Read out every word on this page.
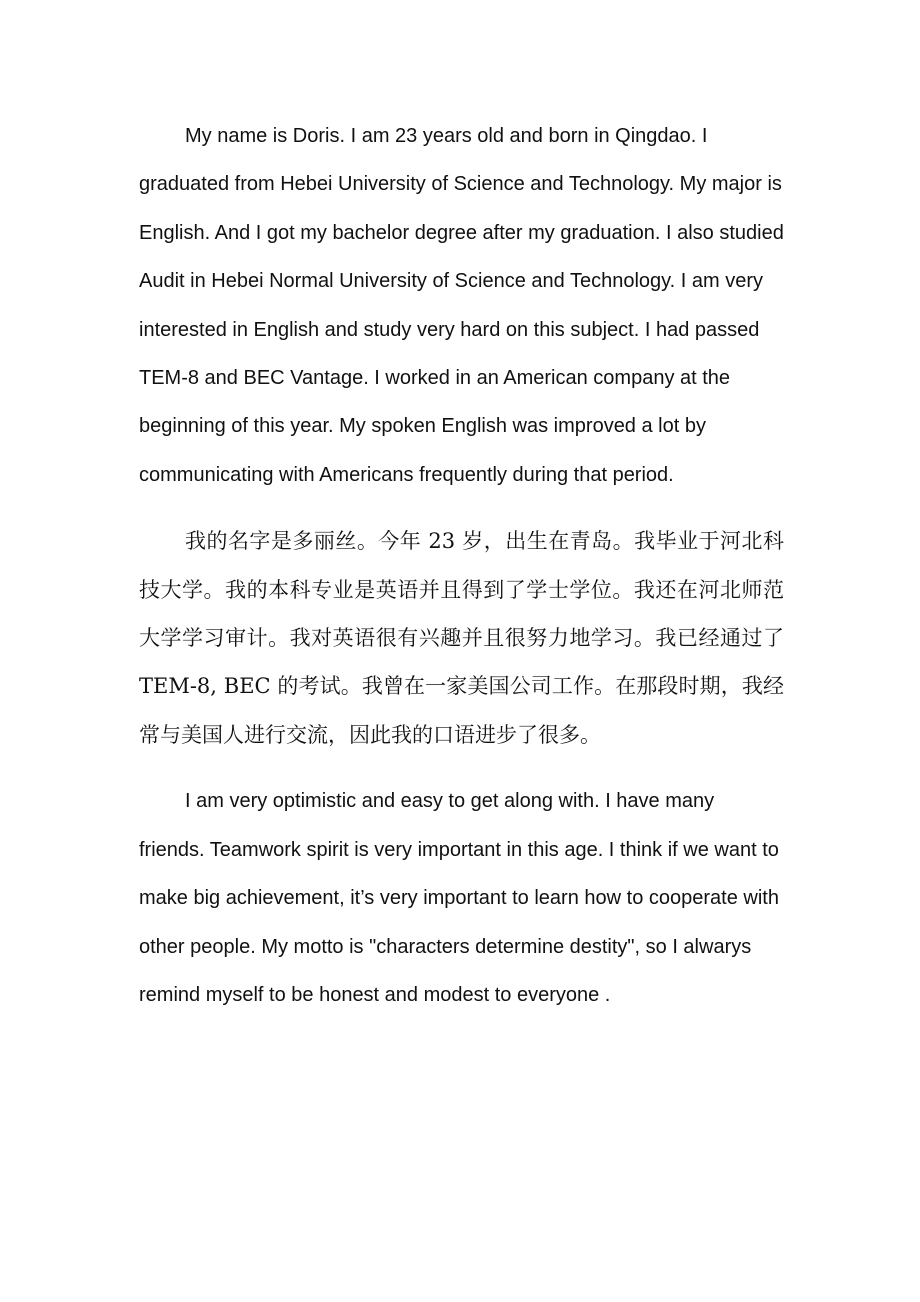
My name is Doris. I am 23 years old and born in Qingdao. I graduated from Hebei University of Science and Technology. My major is English. And I got my bachelor degree after my graduation. I also studied Audit in Hebei Normal University of Science and Technology. I am very interested in English and study very hard on this subject. I had passed TEM-8 and BEC Vantage. I worked in an American company at the beginning of this year. My spoken English was improved a lot by communicating with Americans frequently during that period.

我的名字是多丽丝。今年 23 岁，出生在青岛。我毕业于河北科技大学。我的本科专业是英语并且得到了学士学位。我还在河北师范大学学习审计。我对英语很有兴趣并且很努力地学习。我已经通过了 TEM-8, BEC 的考试。我曾在一家美国公司工作。在那段时期，我经常与美国人进行交流，因此我的口语进步了很多。

I am very optimistic and easy to get along with. I have many friends. Teamwork spirit is very important in this age. I think if we want to make big achievement, it’s very important to learn how to cooperate with other people. My motto is "characters determine destity", so I alwarys remind myself to be honest and modest to everyone .
